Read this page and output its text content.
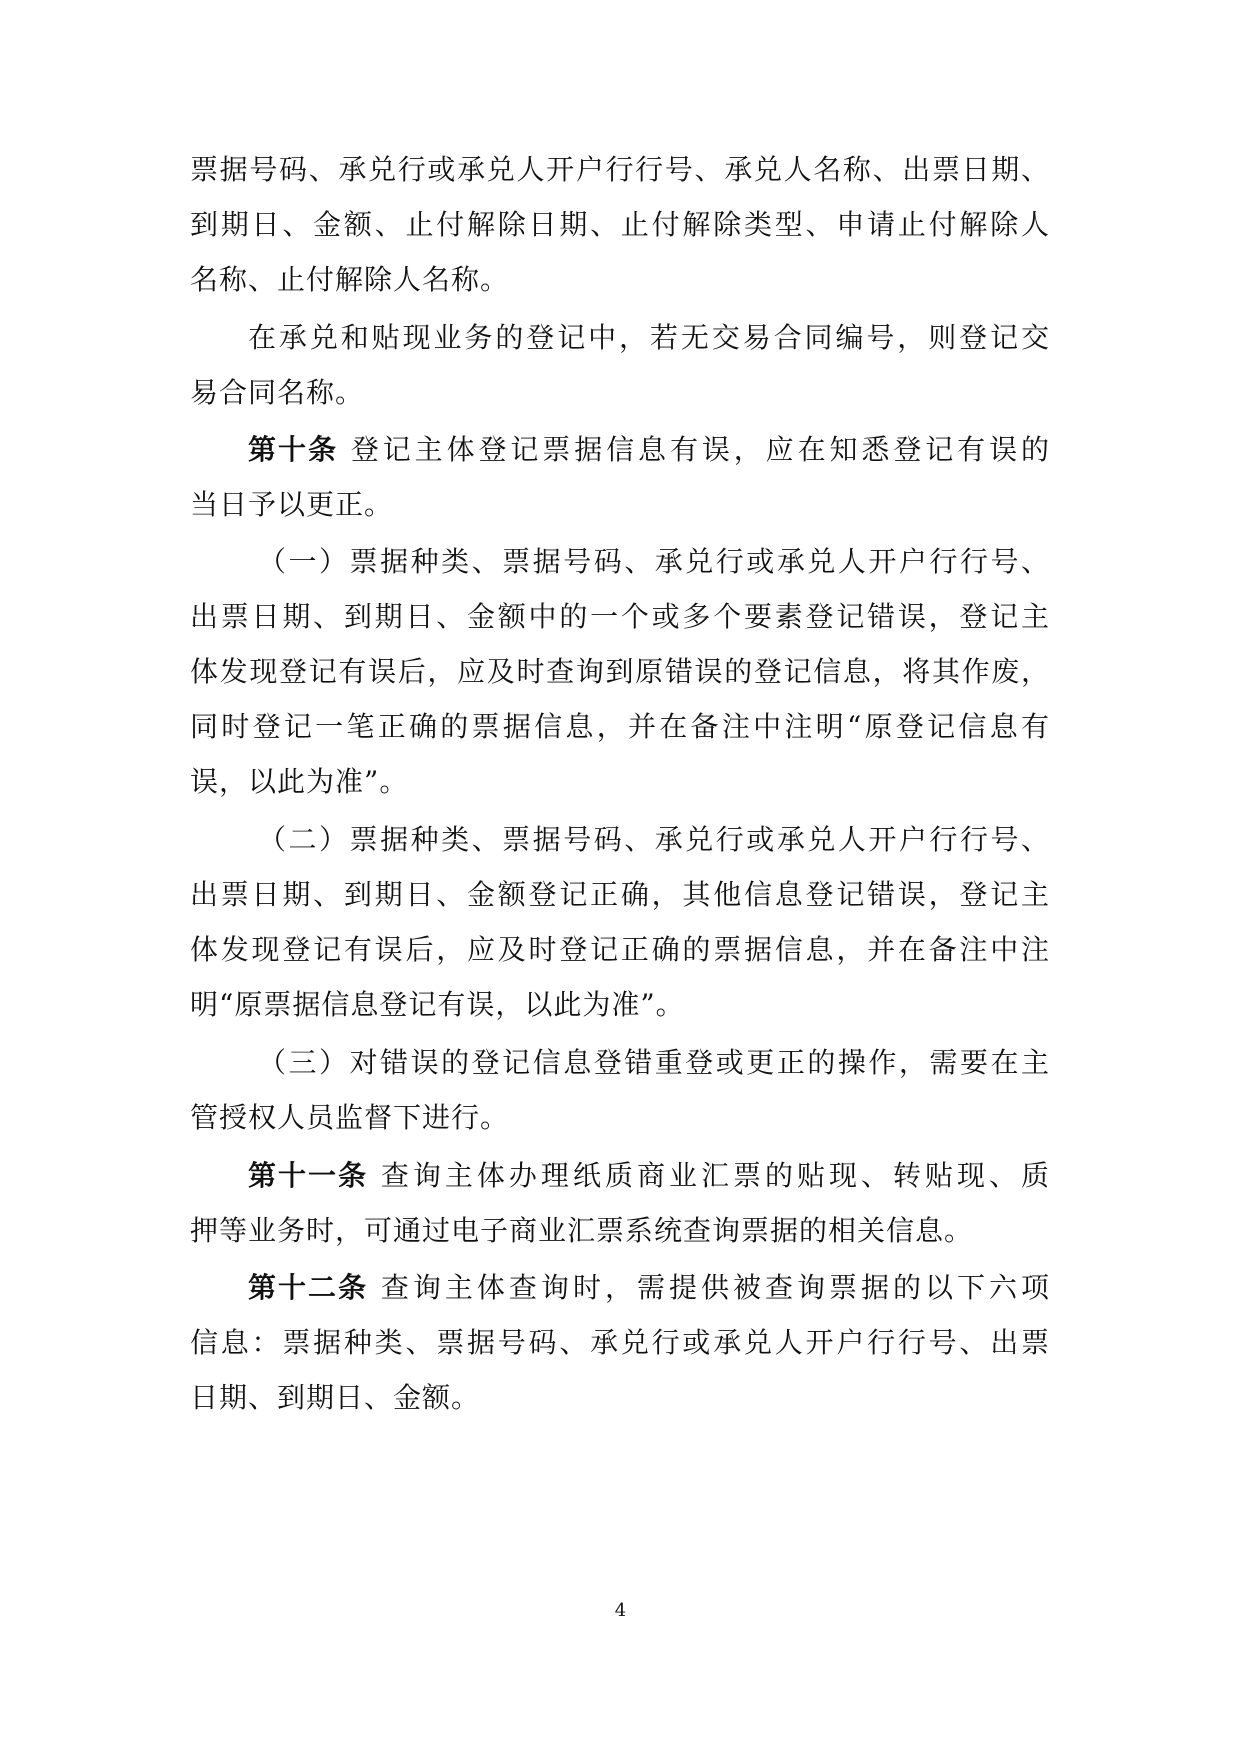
票据号码、承兑行或承兑人开户行行号、承兑人名称、出票日期、
到期日、金额、止付解除日期、止付解除类型、申请止付解除人
名称、止付解除人名称。
在承兑和贴现业务的登记中，若无交易合同编号，则登记交
易合同名称。
第十条 登记主体登记票据信息有误，应在知悉登记有误的
当日予以更正。
（一）票据种类、票据号码、承兑行或承兑人开户行行号、
出票日期、到期日、金额中的一个或多个要素登记错误，登记主
体发现登记有误后，应及时查询到原错误的登记信息，将其作废，
同时登记一笔正确的票据信息，并在备注中注明“原登记信息有
误，以此为准”。
（二）票据种类、票据号码、承兑行或承兑人开户行行号、
出票日期、到期日、金额登记正确，其他信息登记错误，登记主
体发现登记有误后，应及时登记正确的票据信息，并在备注中注
明“原票据信息登记有误，以此为准”。
（三）对错误的登记信息登错重登或更正的操作，需要在主
管授权人员监督下进行。
第十一条 查询主体办理纸质商业汇票的贴现、转贴现、质
押等业务时，可通过电子商业汇票系统查询票据的相关信息。
第十二条 查询主体查询时，需提供被查询票据的以下六项
信息：票据种类、票据号码、承兑行或承兑人开户行行号、出票
日期、到期日、金额。
4
